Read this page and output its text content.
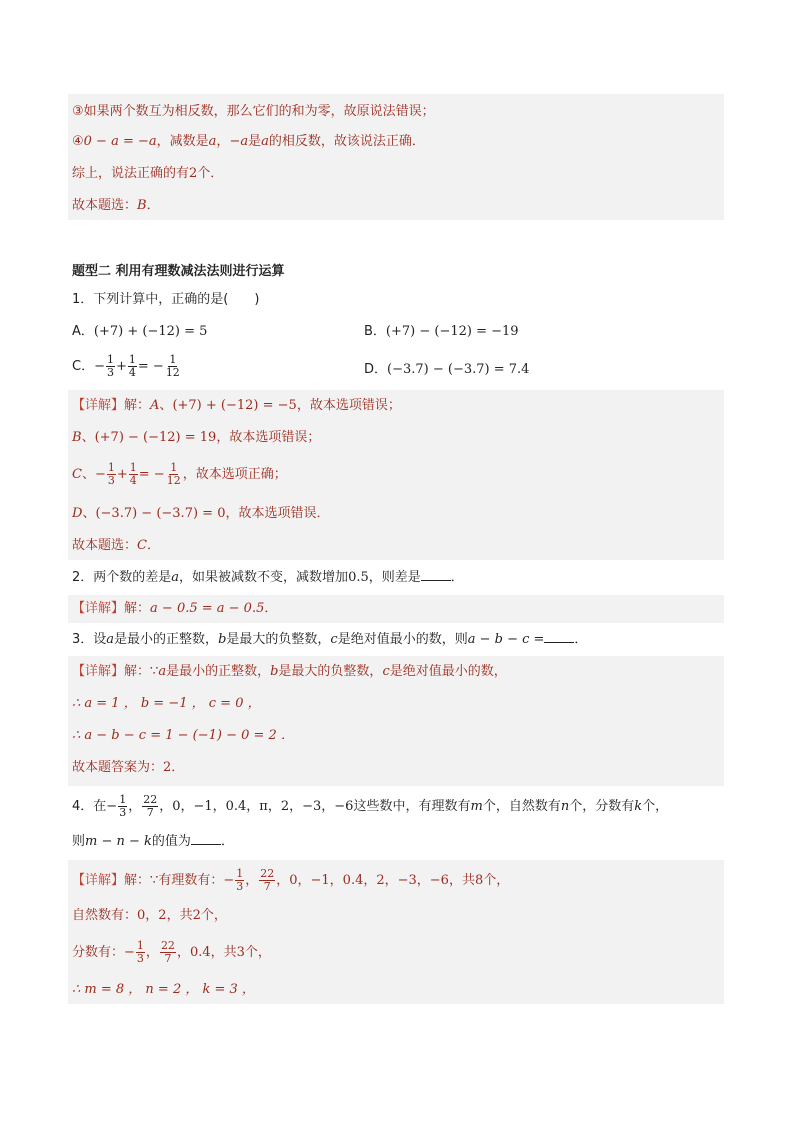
③如果两个数互为相反数，那么它们的和为零，故原说法错误；
④0 − a = −a，减数是a，−a是a的相反数，故该说法正确．
综上，说法正确的有2个．
故本题选：B．
题型二 利用有理数减法法则进行运算
1．下列计算中，正确的是(　　)
A．(+7) + (−12) = 5	B．(+7) − (−12) = −19
C．− $\frac{1}{3} + \frac{1}{4}$ = − $\frac{1}{12}$	D．(−3.7) − (−3.7) = 7.4
【详解】解：A、(+7) + (−12) = −5，故本选项错误；
B、(+7) − (−12) = 19，故本选项错误；
C、− $\frac{1}{3} + \frac{1}{4}$ = − $\frac{1}{12}$ ，故本选项正确；
D、(−3.7) − (−3.7) = 0，故本选项错误．
故本题选：C．
2．两个数的差是a，如果被减数不变，减数增加0.5，则差是 ．
【详解】解：a − 0.5 = a − 0.5．
3．设a是最小的正整数，b是最大的负整数，c是绝对值最小的数，则a − b − c = ．
【详解】解：∵a是最小的正整数，b是最大的负整数，c是绝对值最小的数，
∴ a = 1 ， b = −1 ， c = 0 ，
∴ a − b − c = 1 − (−1) − 0 = 2 ．
故本题答案为：2．
4．在− $\frac{1}{3}$ ， $\frac{22}{7}$ ，0，−1，0.4，π，2，−3，−6这些数中，有理数有m个，自然数有n个，分数有k个，
则m − n − k的值为 ．
【详解】解：∵有理数有：− $\frac{1}{3}$ ， $\frac{22}{7}$ ，0，−1，0.4，2，−3，−6，共8个，
自然数有：0，2，共2个，
分数有：− $\frac{1}{3}$ ， $\frac{22}{7}$ ，0.4，共3个，
∴ m = 8 ， n = 2 ， k = 3 ，
